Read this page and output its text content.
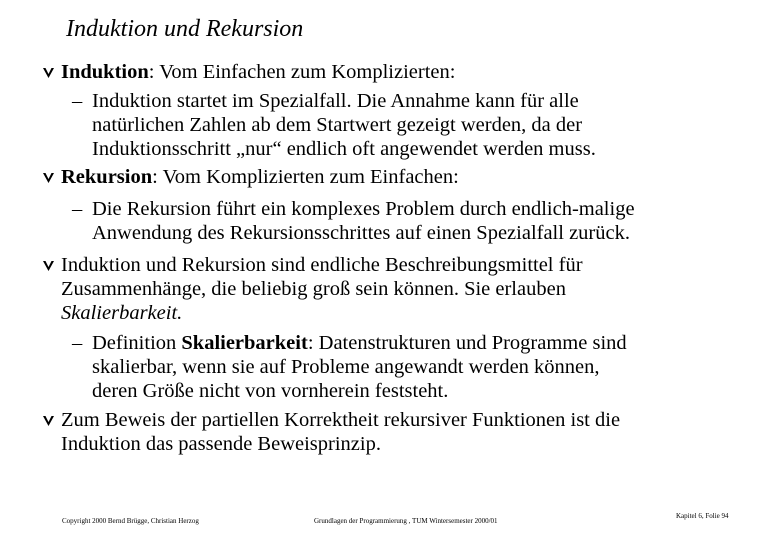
Induktion und Rekursion
Induktion: Vom Einfachen zum Komplizierten:
– Induktion startet im Spezialfall. Die Annahme kann für alle
natürlichen Zahlen ab dem Startwert gezeigt werden, da der
Induktionsschritt „nur“ endlich oft angewendet werden muss.
Rekursion: Vom Komplizierten zum Einfachen:
– Die Rekursion führt ein komplexes Problem durch endlich-malige
Anwendung des Rekursionsschrittes auf einen Spezialfall zurück.
Induktion und Rekursion sind endliche Beschreibungsmittel für
Zusammenhänge, die beliebig groß sein können. Sie erlauben
Skalierbarkeit.
– Definition Skalierbarkeit: Datenstrukturen und Programme sind
skalierbar, wenn sie auf Probleme angewandt werden können,
deren Größe nicht von vornherein feststeht.
Zum Beweis der partiellen Korrektheit rekursiver Funktionen ist die
Induktion das passende Beweisprinzip.
Copyright 2000 Bernd Brügge, Christian Herzog	Grundlagen der Programmierung , TUM Wintersemester 2000/01
Kapitel 6, Folie 94
